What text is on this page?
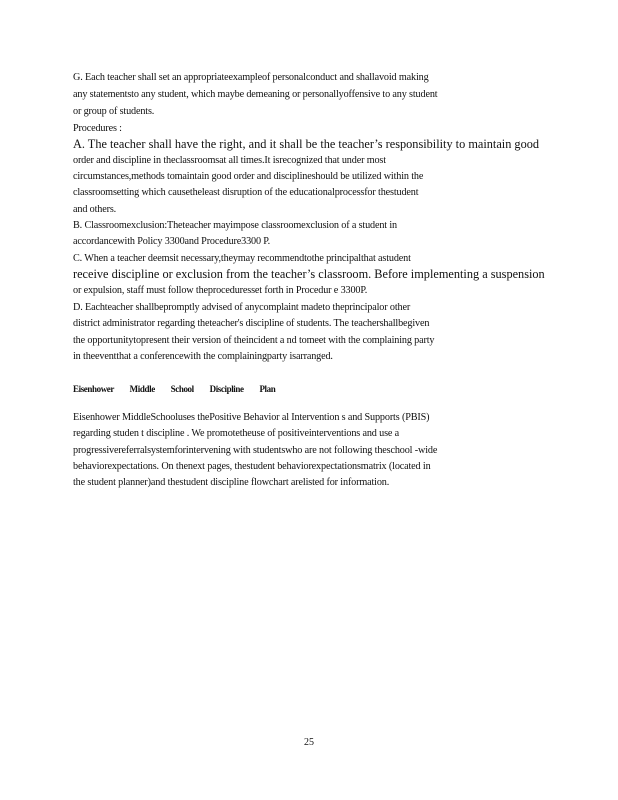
G. Each teacher shall set an appropriateexampleof personalconduct and shallavoid making
any statementsto any student, which maybe demeaning or personallyoffensive to any student
or group of students.
Procedures :
A. The teacher shall have the right, and it shall be the teacher’s responsibility to maintain good
order and discipline in theclassroomsat all times.It isrecognized that under most
circumstances,methods tomaintain good order and disciplineshould be utilized within the
classroomsetting which causetheleast disruption of the educationalprocessfor thestudent
and others.
B. Classroomexclusion:Theteacher mayimpose classroomexclusion of a student in
accordancewith Policy 3300and Procedure3300 P.
C. When a teacher deemsit necessary,theymay recommendtothe principalthat astudent
receive discipline or exclusion from the teacher’s classroom. Before implementing a suspension
or expulsion, staff must follow theproceduresset forth in Procedur e 3300P.
D. Eachteacher shallbepromptly advised of anycomplaint madeto theprincipalor other
district administrator regarding theteacher's discipline of students. The teachershallbegiven
the opportunitytopresent their version of theincident a nd tomeet with the complaining party
in theeventthat a conferencewith the complainingparty isarranged.
Eisenhower Middle School Discipline Plan
Eisenhower MiddleSchooluses thePositive Behavior al Intervention s and Supports (PBIS)
regarding studen t discipline . We promotetheuse of positiveinterventions and use a
progressivereferralsystemforintervening with studentswho are not following theschool -wide
behaviorexpectations. On thenext pages, thestudent behaviorexpectationsmatrix (located in
the student planner)and thestudent discipline flowchart arelisted for information.
25
